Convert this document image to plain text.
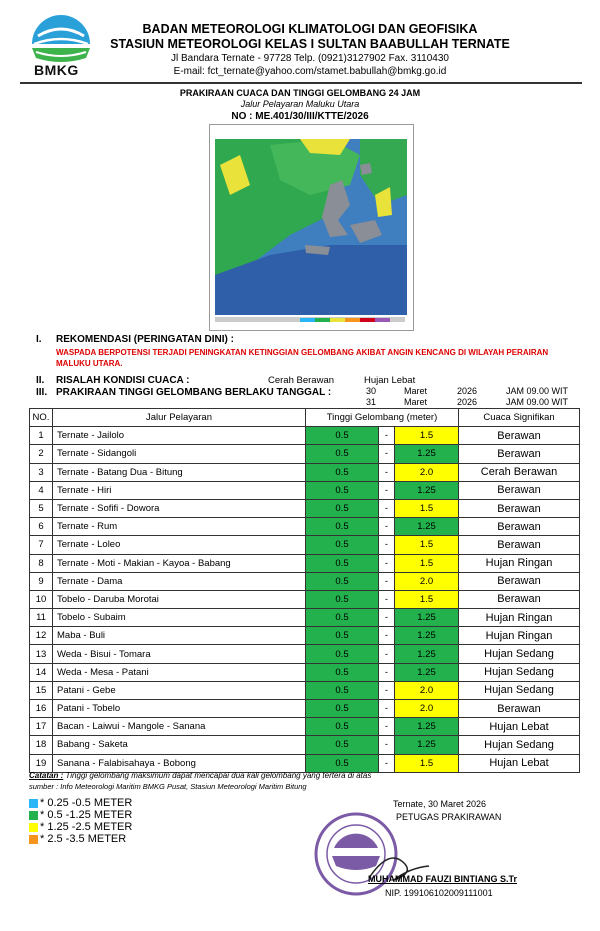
BMKG
BADAN METEOROLOGI KLIMATOLOGI DAN GEOFISIKA
STASIUN METEOROLOGI KELAS I SULTAN BAABULLAH TERNATE
Jl Bandara Ternate - 97728 Telp. (0921)3127902 Fax. 3110430
E-mail: fct_ternate@yahoo.com/stamet.babullah@bmkg.go.id
PRAKIRAAN CUACA DAN TINGGI GELOMBANG 24 JAM
Jalur Pelayaran Maluku Utara
NO : ME.401/30/III/KTTE/2026
I. REKOMENDASI (PERINGATAN DINI) :
WASPADA BERPOTENSI TERJADI PENINGKATAN KETINGGIAN GELOMBANG AKIBAT ANGIN KENCANG DI WILAYAH PERAIRAN MALUKU UTARA.
II. RISALAH KONDISI CUACA :	Cerah Berawan	Hujan Lebat
III. PRAKIRAAN TINGGI GELOMBANG BERLAKU TANGGAL :	30	Maret	2026	JAM 09.00 WIT
31	Maret	2026	JAM 09.00 WIT
NO.	Jalur Pelayaran	Tinggi Gelombang (meter)			Cuaca Signifikan
1	Ternate - Jailolo	0.5	-	1.5	Berawan
2	Ternate - Sidangoli	0.5	-	1.25	Berawan
3	Ternate - Batang Dua - Bitung	0.5	-	2.0	Cerah Berawan
4	Ternate - Hiri	0.5	-	1.25	Berawan
5	Ternate - Sofifi - Dowora	0.5	-	1.5	Berawan
6	Ternate - Rum	0.5	-	1.25	Berawan
7	Ternate - Loleo	0.5	-	1.5	Berawan
8	Ternate - Moti - Makian - Kayoa - Babang	0.5	-	1.5	Hujan Ringan
9	Ternate - Dama	0.5	-	2.0	Berawan
10	Tobelo - Daruba Morotai	0.5	-	1.5	Berawan
11	Tobelo - Subaim	0.5	-	1.25	Hujan Ringan
12	Maba - Buli	0.5	-	1.25	Hujan Ringan
13	Weda - Bisui - Tomara	0.5	-	1.25	Hujan Sedang
14	Weda - Mesa - Patani	0.5	-	1.25	Hujan Sedang
15	Patani - Gebe	0.5	-	2.0	Hujan Sedang
16	Patani - Tobelo	0.5	-	2.0	Berawan
17	Bacan - Laiwui - Mangole - Sanana	0.5	-	1.25	Hujan Lebat
18	Babang - Saketa	0.5	-	1.25	Hujan Sedang
19	Sanana - Falabisahaya - Bobong	0.5	-	1.5	Hujan Lebat
Catatan : Tinggi gelombang maksimum dapat mencapai dua kali gelombang yang tertera di atas
sumber : Info Meteorologi Maritim BMKG Pusat, Stasiun Meteorologi Maritim Bitung
* 0.25 -0.5 METER
* 0.5 -1.25 METER
* 1.25 -2.5 METER
* 2.5 -3.5 METER
Ternate, 30 Maret 2026
PETUGAS PRAKIRAWAN
MUHAMMAD FAUZI BINTIANG S.Tr
NIP. 199106102009111001
